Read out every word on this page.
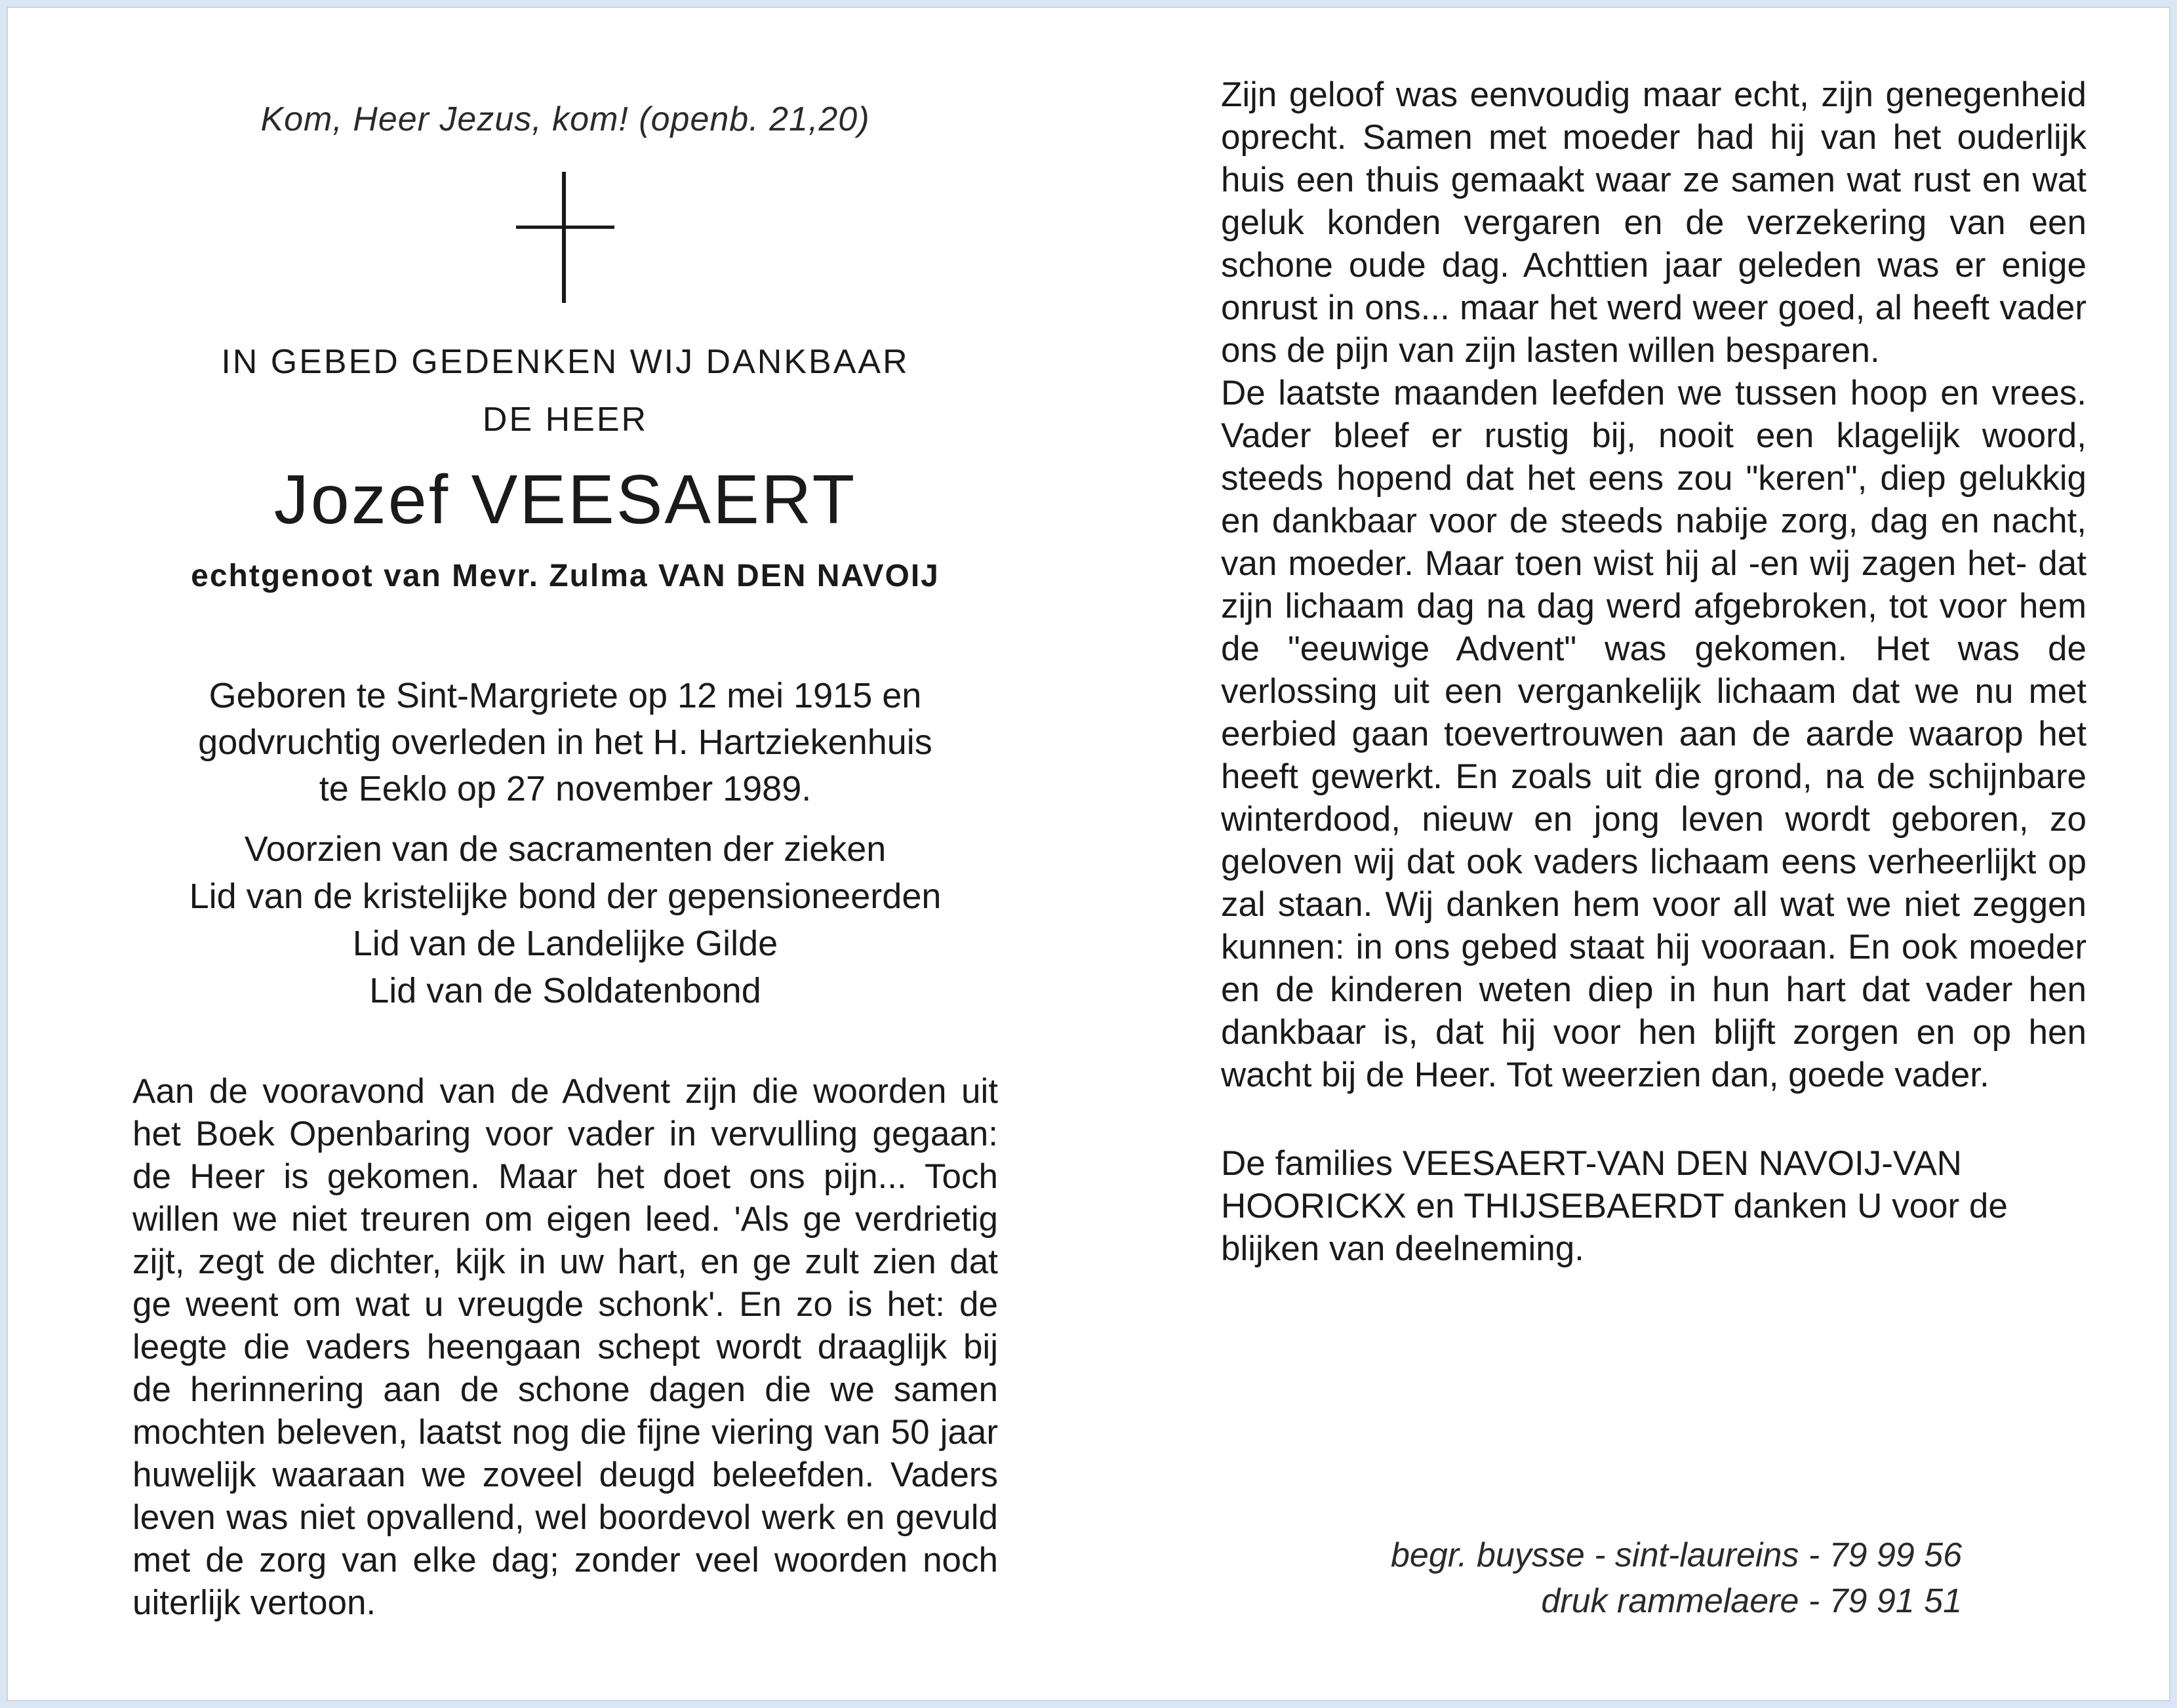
Kom, Heer Jezus, kom! (openb. 21,20)
IN GEBED GEDENKEN WIJ DANKBAAR
DE HEER
Jozef VEESAERT
echtgenoot van Mevr. Zulma VAN DEN NAVOIJ

Geboren te Sint-Margriete op 12 mei 1915 en

godvruchtig overleden in het H. Hartziekenhuis

te Eeklo op 27 november 1989.

Voorzien van de sacramenten der zieken
Lid van de kristelijke bond der gepensioneerden
Lid van de Landelijke Gilde
Lid van de Soldatenbond
Aan de vooravond van de Advent zijn die woorden uit het Boek Openbaring voor vader in vervulling gegaan: de Heer is gekomen. Maar het doet ons pijn... Toch willen we niet treuren om eigen leed. 'Als ge verdrietig zijt, zegt de dichter, kijk in uw hart, en ge zult zien dat ge weent om wat u vreugde schonk'. En zo is het: de leegte die vaders heengaan schept wordt draaglijk bij de herinnering aan de schone dagen die we samen mochten beleven, laatst nog die fijne viering van 50 jaar huwelijk waaraan we zoveel deugd beleefden. Vaders leven was niet opvallend, wel boordevol werk en gevuld met de zorg van elke dag; zonder veel woorden noch uiterlijk vertoon.

Zijn geloof was eenvoudig maar echt, zijn genegenheid oprecht. Samen met moeder had hij van het ouderlijk huis een thuis gemaakt waar ze samen wat rust en wat geluk konden vergaren en de verzekering van een schone oude dag. Achttien jaar geleden was er enige onrust in ons... maar het werd weer goed, al heeft vader ons de pijn van zijn lasten willen besparen.

De laatste maanden leefden we tussen hoop en vrees. Vader bleef er rustig bij, nooit een klagelijk woord, steeds hopend dat het eens zou "keren", diep gelukkig en dankbaar voor de steeds nabije zorg, dag en nacht, van moeder. Maar toen wist hij al -en wij zagen het- dat zijn lichaam dag na dag werd afgebroken, tot voor hem de "eeuwige Advent" was gekomen. Het was de verlossing uit een vergankelijk lichaam dat we nu met eerbied gaan toevertrouwen aan de aarde waarop het heeft gewerkt. En zoals uit die grond, na de schijnbare winterdood, nieuw en jong leven wordt geboren, zo geloven wij dat ook vaders lichaam eens verheerlijkt op zal staan. Wij danken hem voor all wat we niet zeggen kunnen: in ons gebed staat hij vooraan. En ook moeder en de kinderen weten diep in hun hart dat vader hen dankbaar is, dat hij voor hen blijft zorgen en op hen wacht bij de Heer. Tot weerzien dan, goede vader.

De families VEESAERT-VAN DEN NAVOIJ-VAN HOORICKX en THIJSEBAERDT danken U voor de blijken van deelneming.
begr. buysse - sint-laureins - 79 99 56
druk rammelaere - 79 91 51
